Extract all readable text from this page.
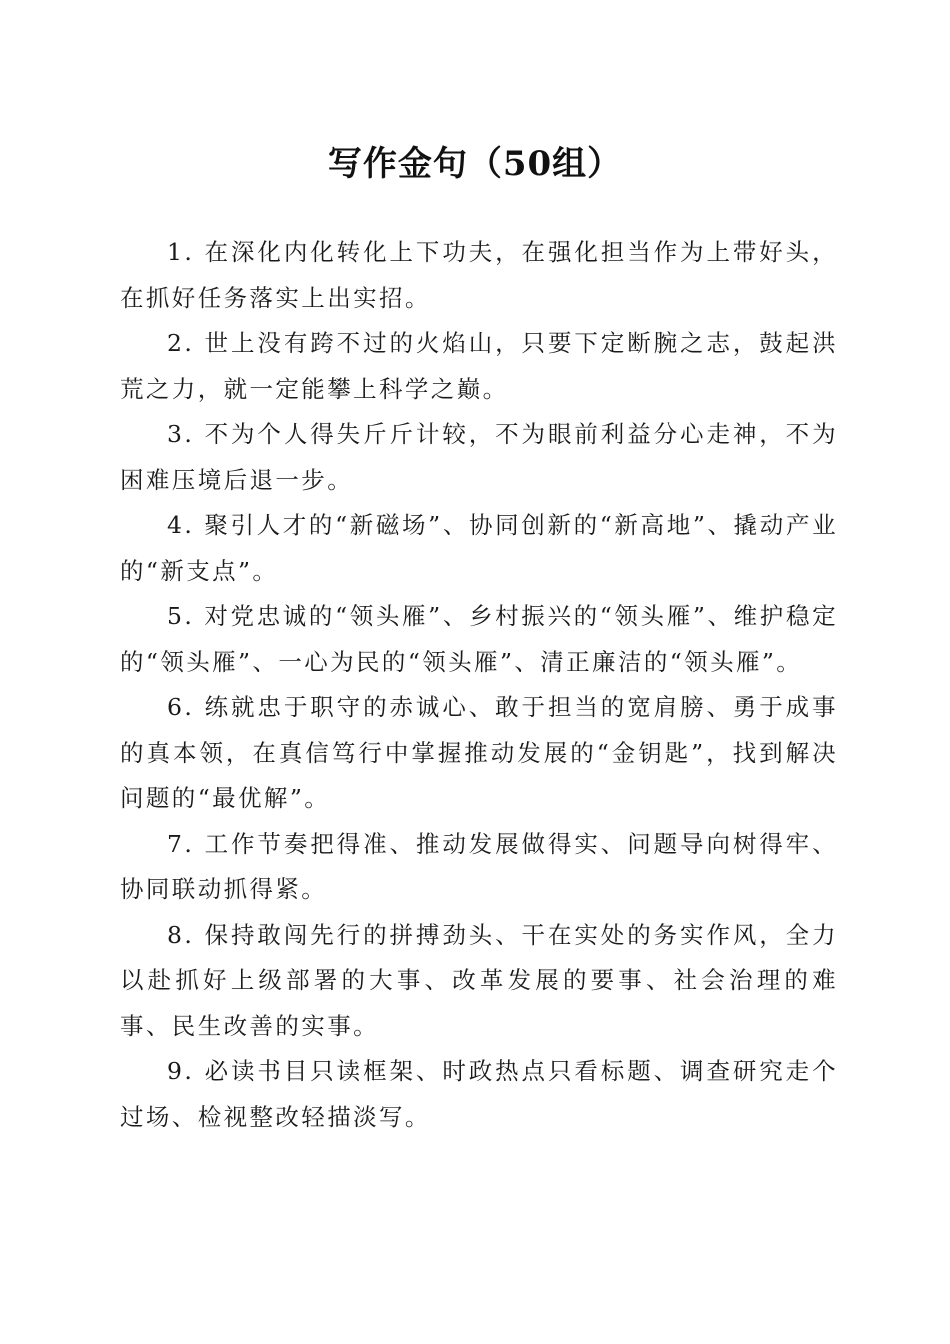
写作金句（50组）

1. 在深化内化转化上下功夫，在强化担当作为上带好头，在抓好任务落实上出实招。

2. 世上没有跨不过的火焰山，只要下定断腕之志，鼓起洪荒之力，就一定能攀上科学之巅。

3. 不为个人得失斤斤计较，不为眼前利益分心走神，不为困难压境后退一步。

4. 聚引人才的“新磁场”、协同创新的“新高地”、撬动产业的“新支点”。

5. 对党忠诚的“领头雁”、乡村振兴的“领头雁”、维护稳定的“领头雁”、一心为民的“领头雁”、清正廉洁的“领头雁”。

6. 练就忠于职守的赤诚心、敢于担当的宽肩膀、勇于成事的真本领，在真信笃行中掌握推动发展的“金钥匙”，找到解决问题的“最优解”。

7. 工作节奏把得准、推动发展做得实、问题导向树得牢、协同联动抓得紧。

8. 保持敢闯先行的拼搏劲头、干在实处的务实作风，全力以赴抓好上级部署的大事、改革发展的要事、社会治理的难事、民生改善的实事。

9. 必读书目只读框架、时政热点只看标题、调查研究走个过场、检视整改轻描淡写。
